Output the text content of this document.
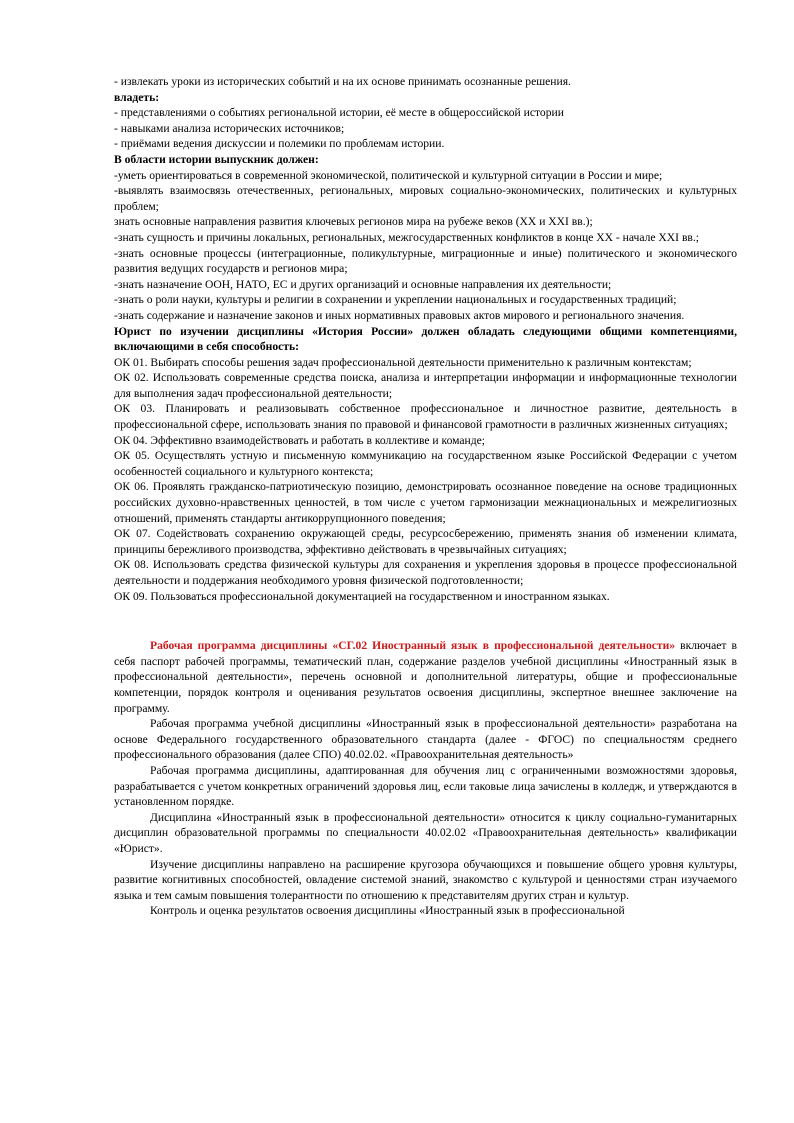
- извлекать уроки из исторических событий и на их основе принимать осознанные решения.

владеть:

- представлениями о событиях региональной истории, её месте в общероссийской истории

- навыками анализа исторических источников;

- приёмами ведения дискуссии и полемики по проблемам истории.

В области истории выпускник должен:

-уметь ориентироваться в современной экономической, политической и культурной ситуации в России и мире;

-выявлять взаимосвязь отечественных, региональных, мировых социально-экономических, политических и культурных проблем;

знать основные направления развития ключевых регионов мира на рубеже веков (XX и XXI вв.);

-знать сущность и причины локальных, региональных, межгосударственных конфликтов в конце XX - начале XXI вв.;

-знать основные процессы (интеграционные, поликультурные, миграционные и иные) политического и экономического развития ведущих государств и регионов мира;

-знать назначение ООН, НАТО, ЕС и других организаций и основные направления их деятельности;

-знать о роли науки, культуры и религии в сохранении и укреплении национальных и государственных традиций;

-знать содержание и назначение законов и иных нормативных правовых актов мирового и регионального значения.

Юрист по изучении дисциплины «История России» должен обладать следующими общими компетенциями, включающими в себя способность:

ОК 01. Выбирать способы решения задач профессиональной деятельности применительно к различным контекстам;

ОК 02. Использовать современные средства поиска, анализа и интерпретации информации и информационные технологии для выполнения задач профессиональной деятельности;

ОК 03. Планировать и реализовывать собственное профессиональное и личностное развитие, деятельность в профессиональной сфере, использовать знания по правовой и финансовой грамотности в различных жизненных ситуациях;

ОК 04. Эффективно взаимодействовать и работать в коллективе и команде;

ОК 05. Осуществлять устную и письменную коммуникацию на государственном языке Российской Федерации с учетом особенностей социального и культурного контекста;

ОК 06. Проявлять гражданско-патриотическую позицию, демонстрировать осознанное поведение на основе традиционных российских духовно-нравственных ценностей, в том числе с учетом гармонизации межнациональных и межрелигиозных отношений, применять стандарты антикоррупционного поведения;

ОК 07. Содействовать сохранению окружающей среды, ресурсосбережению, применять знания об изменении климата, принципы бережливого производства, эффективно действовать в чрезвычайных ситуациях;

ОК 08. Использовать средства физической культуры для сохранения и укрепления здоровья в процессе профессиональной деятельности и поддержания необходимого уровня физической подготовленности;

ОК 09. Пользоваться профессиональной документацией на государственном и иностранном языках.

Рабочая программа дисциплины «СГ.02 Иностранный язык в профессиональной деятельности» включает в себя паспорт рабочей программы, тематический план, содержание разделов учебной дисциплины «Иностранный язык в профессиональной деятельности», перечень основной и дополнительной литературы, общие и профессиональные компетенции, порядок контроля и оценивания результатов освоения дисциплины, экспертное внешнее заключение на программу.

Рабочая программа учебной дисциплины «Иностранный язык в профессиональной деятельности» разработана на основе Федерального государственного образовательного стандарта (далее - ФГОС) по специальностям среднего профессионального образования (далее СПО) 40.02.02. «Правоохранительная деятельность»

Рабочая программа дисциплины, адаптированная для обучения лиц с ограниченными возможностями здоровья, разрабатывается с учетом конкретных ограничений здоровья лиц, если таковые лица зачислены в колледж, и утверждаются в установленном порядке.

Дисциплина «Иностранный язык в профессиональной деятельности» относится к циклу социально-гуманитарных дисциплин образовательной программы по специальности 40.02.02 «Правоохранительная деятельность» квалификации «Юрист».

Изучение дисциплины направлено на расширение кругозора обучающихся и повышение общего уровня культуры, развитие когнитивных способностей, овладение системой знаний, знакомство с культурой и ценностями стран изучаемого языка и тем самым повышения толерантности по отношению к представителям других стран и культур.

Контроль и оценка результатов освоения дисциплины «Иностранный язык в профессиональной
